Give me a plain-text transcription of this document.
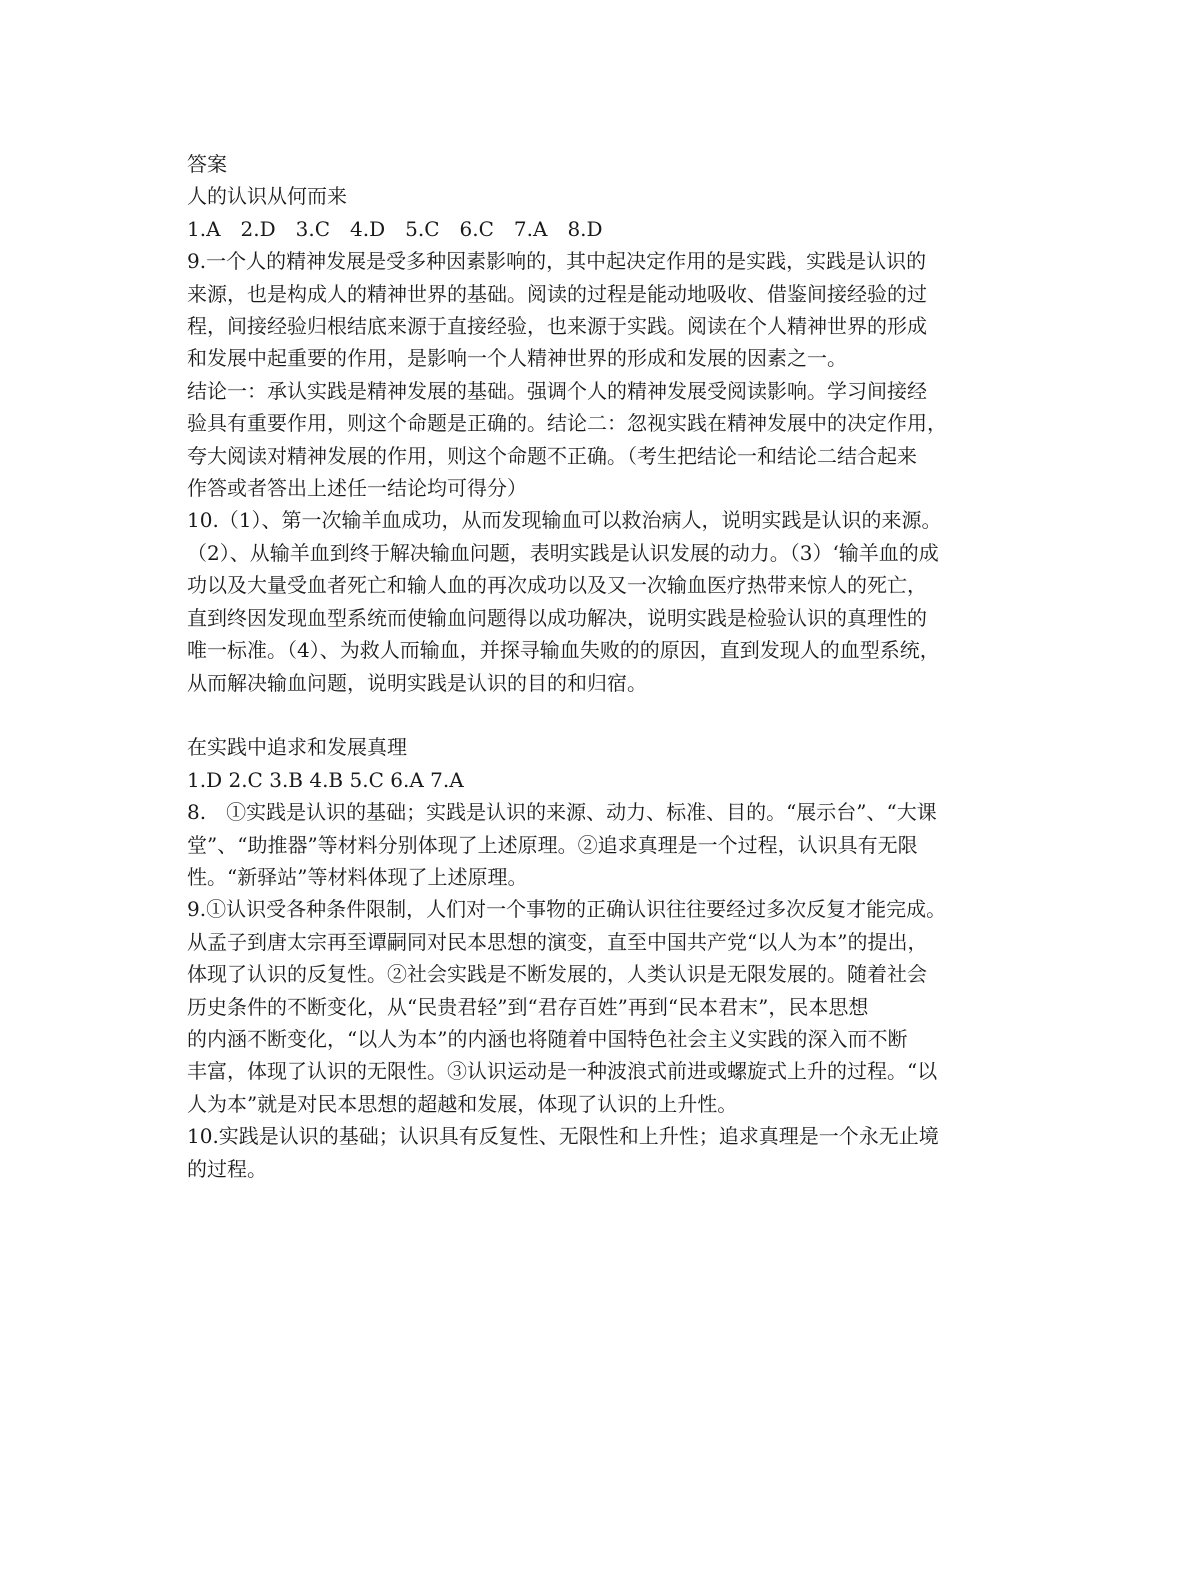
答案
人的认识从何而来
1.A　2.D　3.C　4.D　5.C　6.C　7.A　8.D
9.一个人的精神发展是受多种因素影响的，其中起决定作用的是实践，实践是认识的
来源，也是构成人的精神世界的基础。阅读的过程是能动地吸收、借鉴间接经验的过
程，间接经验归根结底来源于直接经验，也来源于实践。阅读在个人精神世界的形成
和发展中起重要的作用，是影响一个人精神世界的形成和发展的因素之一。
结论一：承认实践是精神发展的基础。强调个人的精神发展受阅读影响。学习间接经
验具有重要作用，则这个命题是正确的。结论二：忽视实践在精神发展中的决定作用，
夸大阅读对精神发展的作用，则这个命题不正确。（考生把结论一和结论二结合起来
作答或者答出上述任一结论均可得分）
10.（1）、第一次输羊血成功，从而发现输血可以救治病人，说明实践是认识的来源。
（2）、从输羊血到终于解决输血问题，表明实践是认识发展的动力。（3）‘输羊血的成
功以及大量受血者死亡和输人血的再次成功以及又一次输血医疗热带来惊人的死亡，
直到终因发现血型系统而使输血问题得以成功解决，说明实践是检验认识的真理性的
唯一标准。（4）、为救人而输血，并探寻输血失败的的原因，直到发现人的血型系统，
从而解决输血问题，说明实践是认识的目的和归宿。
在实践中追求和发展真理
1.D 2.C 3.B 4.B 5.C 6.A 7.A
8.　①实践是认识的基础；实践是认识的来源、动力、标准、目的。“展示台”、“大课
堂”、“助推器”等材料分别体现了上述原理。②追求真理是一个过程，认识具有无限
性。“新驿站”等材料体现了上述原理。
9.①认识受各种条件限制，人们对一个事物的正确认识往往要经过多次反复才能完成。
从孟子到唐太宗再至谭嗣同对民本思想的演变，直至中国共产党“以人为本”的提出，
体现了认识的反复性。②社会实践是不断发展的，人类认识是无限发展的。随着社会
历史条件的不断变化，从“民贵君轻”到“君存百姓”再到“民本君末”，民本思想
的内涵不断变化，“以人为本”的内涵也将随着中国特色社会主义实践的深入而不断
丰富，体现了认识的无限性。③认识运动是一种波浪式前进或螺旋式上升的过程。“以
人为本”就是对民本思想的超越和发展，体现了认识的上升性。
10.实践是认识的基础；认识具有反复性、无限性和上升性；追求真理是一个永无止境
的过程。
